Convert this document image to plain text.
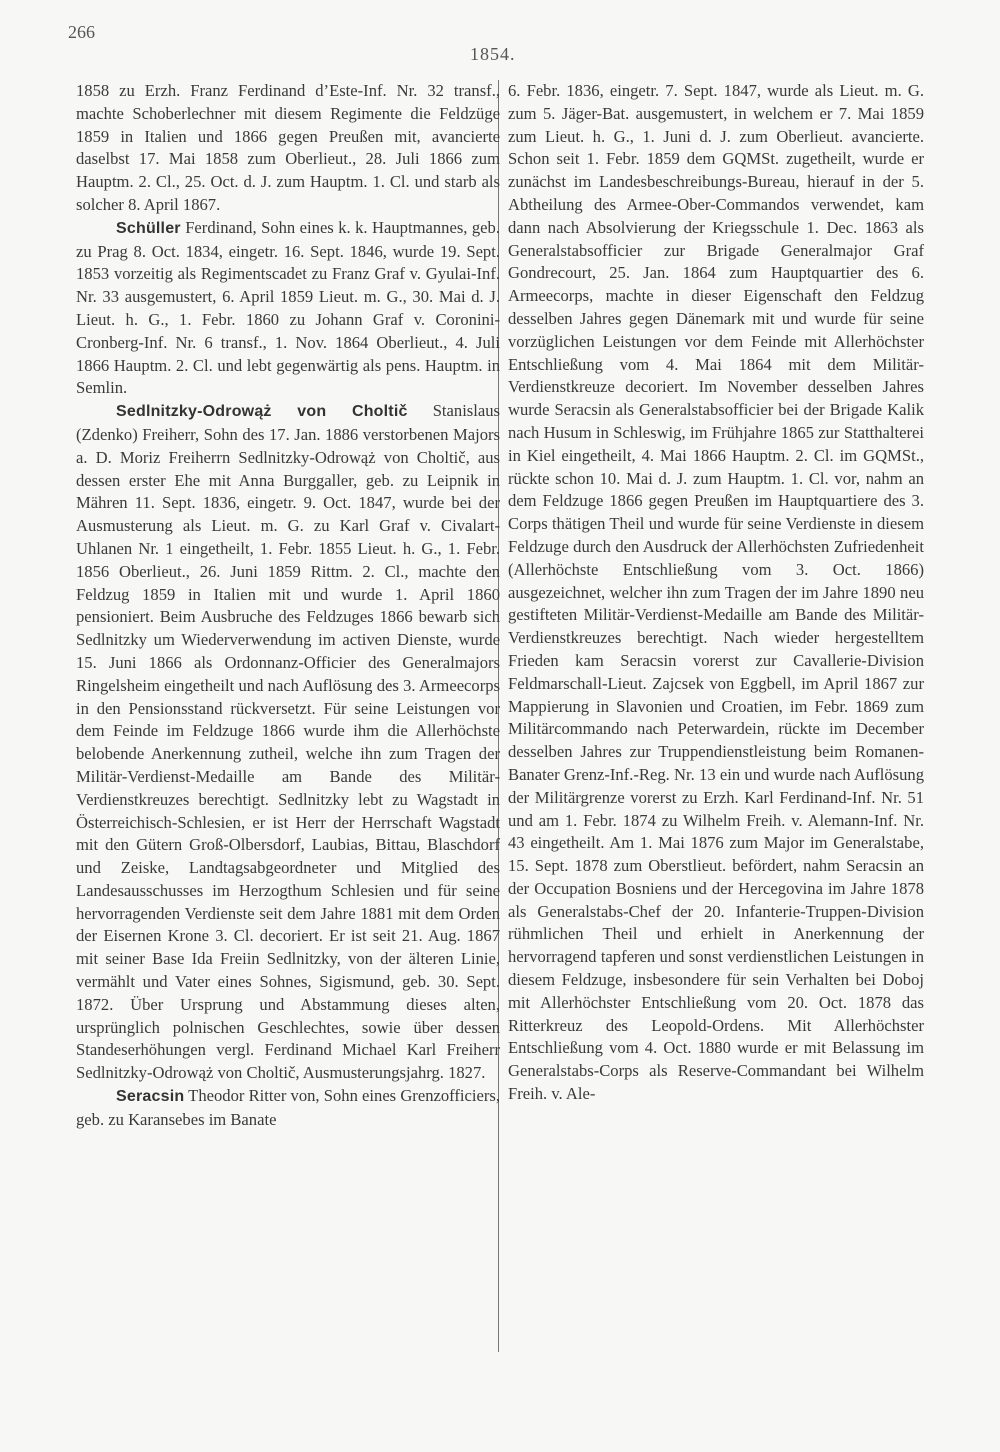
266
1854.

1858 zu Erzh. Franz Ferdinand d’Este-Inf. Nr. 32 transf., machte Schoberlechner mit diesem Regimente die Feldzüge 1859 in Italien und 1866 gegen Preußen mit, avancierte daselbst 17. Mai 1858 zum Oberlieut., 28. Juli 1866 zum Hauptm. 2. Cl., 25. Oct. d. J. zum Hauptm. 1. Cl. und starb als solcher 8. April 1867.

Schüller Ferdinand, Sohn eines k. k. Hauptmannes, geb. zu Prag 8. Oct. 1834, eingetr. 16. Sept. 1846, wurde 19. Sept. 1853 vorzeitig als Regimentscadet zu Franz Graf v. Gyulai-Inf. Nr. 33 ausgemustert, 6. April 1859 Lieut. m. G., 30. Mai d. J. Lieut. h. G., 1. Febr. 1860 zu Johann Graf v. Coronini-Cronberg-Inf. Nr. 6 transf., 1. Nov. 1864 Oberlieut., 4. Juli 1866 Hauptm. 2. Cl. und lebt gegenwärtig als pens. Hauptm. in Semlin.

Sedlnitzky-Odrowąż von Choltič Stanislaus (Zdenko) Freiherr, Sohn des 17. Jan. 1886 verstorbenen Majors a. D. Moriz Freiherrn Sedlnitzky-Odrowąż von Choltič, aus dessen erster Ehe mit Anna Burggaller, geb. zu Leipnik in Mähren 11. Sept. 1836, eingetr. 9. Oct. 1847, wurde bei der Ausmusterung als Lieut. m. G. zu Karl Graf v. Civalart-Uhlanen Nr. 1 eingetheilt, 1. Febr. 1855 Lieut. h. G., 1. Febr. 1856 Oberlieut., 26. Juni 1859 Rittm. 2. Cl., machte den Feldzug 1859 in Italien mit und wurde 1. April 1860 pensioniert. Beim Ausbruche des Feldzuges 1866 bewarb sich Sedlnitzky um Wiederverwendung im activen Dienste, wurde 15. Juni 1866 als Ordonnanz-Officier des Generalmajors Ringelsheim eingetheilt und nach Auflösung des 3. Armeecorps in den Pensionsstand rückversetzt. Für seine Leistungen vor dem Feinde im Feldzuge 1866 wurde ihm die Allerhöchste belobende Anerkennung zutheil, welche ihn zum Tragen der Militär-Verdienst-Medaille am Bande des Militär-Verdienstkreuzes berechtigt. Sedlnitzky lebt zu Wagstadt in Österreichisch-Schlesien, er ist Herr der Herrschaft Wagstadt mit den Gütern Groß-Olbersdorf, Laubias, Bittau, Blaschdorf und Zeiske, Landtagsabgeordneter und Mitglied des Landesausschusses im Herzogthum Schlesien und für seine hervorragenden Verdienste seit dem Jahre 1881 mit dem Orden der Eisernen Krone 3. Cl. decoriert. Er ist seit 21. Aug. 1867 mit seiner Base Ida Freiin Sedlnitzky, von der älteren Linie, vermählt und Vater eines Sohnes, Sigismund, geb. 30. Sept. 1872. Über Ursprung und Abstammung dieses alten, ursprünglich polnischen Geschlechtes, sowie über dessen Standeserhöhungen vergl. Ferdinand Michael Karl Freiherr Sedlnitzky-Odrowąż von Choltič, Ausmusterungsjahrg. 1827.

Seracsin Theodor Ritter von, Sohn eines Grenzofficiers, geb. zu Karansebes im Banate

6. Febr. 1836, eingetr. 7. Sept. 1847, wurde als Lieut. m. G. zum 5. Jäger-Bat. ausgemustert, in welchem er 7. Mai 1859 zum Lieut. h. G., 1. Juni d. J. zum Oberlieut. avancierte. Schon seit 1. Febr. 1859 dem GQMSt. zugetheilt, wurde er zunächst im Landesbeschreibungs-Bureau, hierauf in der 5. Abtheilung des Armee-Ober-Commandos verwendet, kam dann nach Absolvierung der Kriegsschule 1. Dec. 1863 als Generalstabsofficier zur Brigade Generalmajor Graf Gondrecourt, 25. Jan. 1864 zum Hauptquartier des 6. Armeecorps, machte in dieser Eigenschaft den Feldzug desselben Jahres gegen Dänemark mit und wurde für seine vorzüglichen Leistungen vor dem Feinde mit Allerhöchster Entschließung vom 4. Mai 1864 mit dem Militär-Verdienstkreuze decoriert. Im November desselben Jahres wurde Seracsin als Generalstabsofficier bei der Brigade Kalik nach Husum in Schleswig, im Frühjahre 1865 zur Statthalterei in Kiel eingetheilt, 4. Mai 1866 Hauptm. 2. Cl. im GQMSt., rückte schon 10. Mai d. J. zum Hauptm. 1. Cl. vor, nahm an dem Feldzuge 1866 gegen Preußen im Hauptquartiere des 3. Corps thätigen Theil und wurde für seine Verdienste in diesem Feldzuge durch den Ausdruck der Allerhöchsten Zufriedenheit (Allerhöchste Entschließung vom 3. Oct. 1866) ausgezeichnet, welcher ihn zum Tragen der im Jahre 1890 neu gestifteten Militär-Verdienst-Medaille am Bande des Militär-Verdienstkreuzes berechtigt. Nach wieder hergestelltem Frieden kam Seracsin vorerst zur Cavallerie-Division Feldmarschall-Lieut. Zajcsek von Eggbell, im April 1867 zur Mappierung in Slavonien und Croatien, im Febr. 1869 zum Militärcommando nach Peterwardein, rückte im December desselben Jahres zur Truppendienstleistung beim Romanen-Banater Grenz-Inf.-Reg. Nr. 13 ein und wurde nach Auflösung der Militärgrenze vorerst zu Erzh. Karl Ferdinand-Inf. Nr. 51 und am 1. Febr. 1874 zu Wilhelm Freih. v. Alemann-Inf. Nr. 43 eingetheilt. Am 1. Mai 1876 zum Major im Generalstabe, 15. Sept. 1878 zum Oberstlieut. befördert, nahm Seracsin an der Occupation Bosniens und der Hercegovina im Jahre 1878 als Generalstabs-Chef der 20. Infanterie-Truppen-Division rühmlichen Theil und erhielt in Anerkennung der hervorragend tapferen und sonst verdienstlichen Leistungen in diesem Feldzuge, insbesondere für sein Verhalten bei Doboj mit Allerhöchster Entschließung vom 20. Oct. 1878 das Ritterkreuz des Leopold-Ordens. Mit Allerhöchster Entschließung vom 4. Oct. 1880 wurde er mit Belassung im Generalstabs-Corps als Reserve-Commandant bei Wilhelm Freih. v. Ale-
